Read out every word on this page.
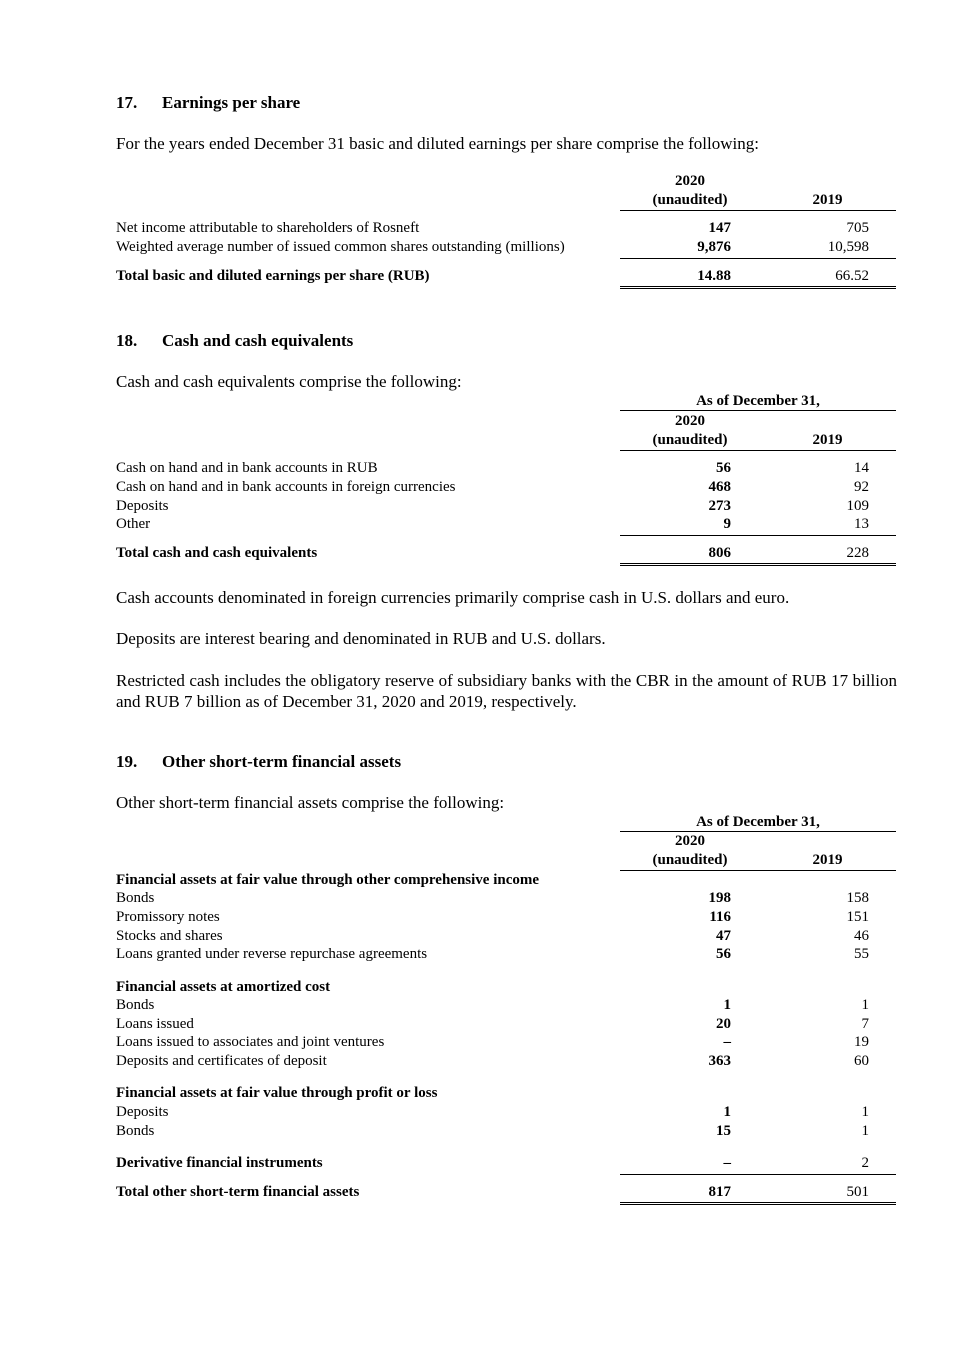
17. Earnings per share
For the years ended December 31 basic and diluted earnings per share comprise the following:
2020
(unaudited)	2019
Net income attributable to shareholders of Rosneft	147	705
Weighted average number of issued common shares outstanding (millions)	9,876	10,598
Total basic and diluted earnings per share (RUB)	14.88	66.52
18. Cash and cash equivalents
Cash and cash equivalents comprise the following:
As of December 31,
2020
(unaudited)	2019
Cash on hand and in bank accounts in RUB	56	14
Cash on hand and in bank accounts in foreign currencies	468	92
Deposits	273	109
Other	9	13
Total cash and cash equivalents	806	228
Cash accounts denominated in foreign currencies primarily comprise cash in U.S. dollars and euro.
Deposits are interest bearing and denominated in RUB and U.S. dollars.
Restricted cash includes the obligatory reserve of subsidiary banks with the CBR in the amount of RUB 17 billion and RUB 7 billion as of December 31, 2020 and 2019, respectively.
19. Other short-term financial assets
Other short-term financial assets comprise the following:
As of December 31,
2020
(unaudited)	2019
Financial assets at fair value through other comprehensive income
Bonds	198	158
Promissory notes	116	151
Stocks and shares	47	46
Loans granted under reverse repurchase agreements	56	55
Financial assets at amortized cost
Bonds	1	1
Loans issued	20	7
Loans issued to associates and joint ventures	–	19
Deposits and certificates of deposit	363	60
Financial assets at fair value through profit or loss
Deposits	1	1
Bonds	15	1
Derivative financial instruments	–	2
Total other short-term financial assets	817	501
